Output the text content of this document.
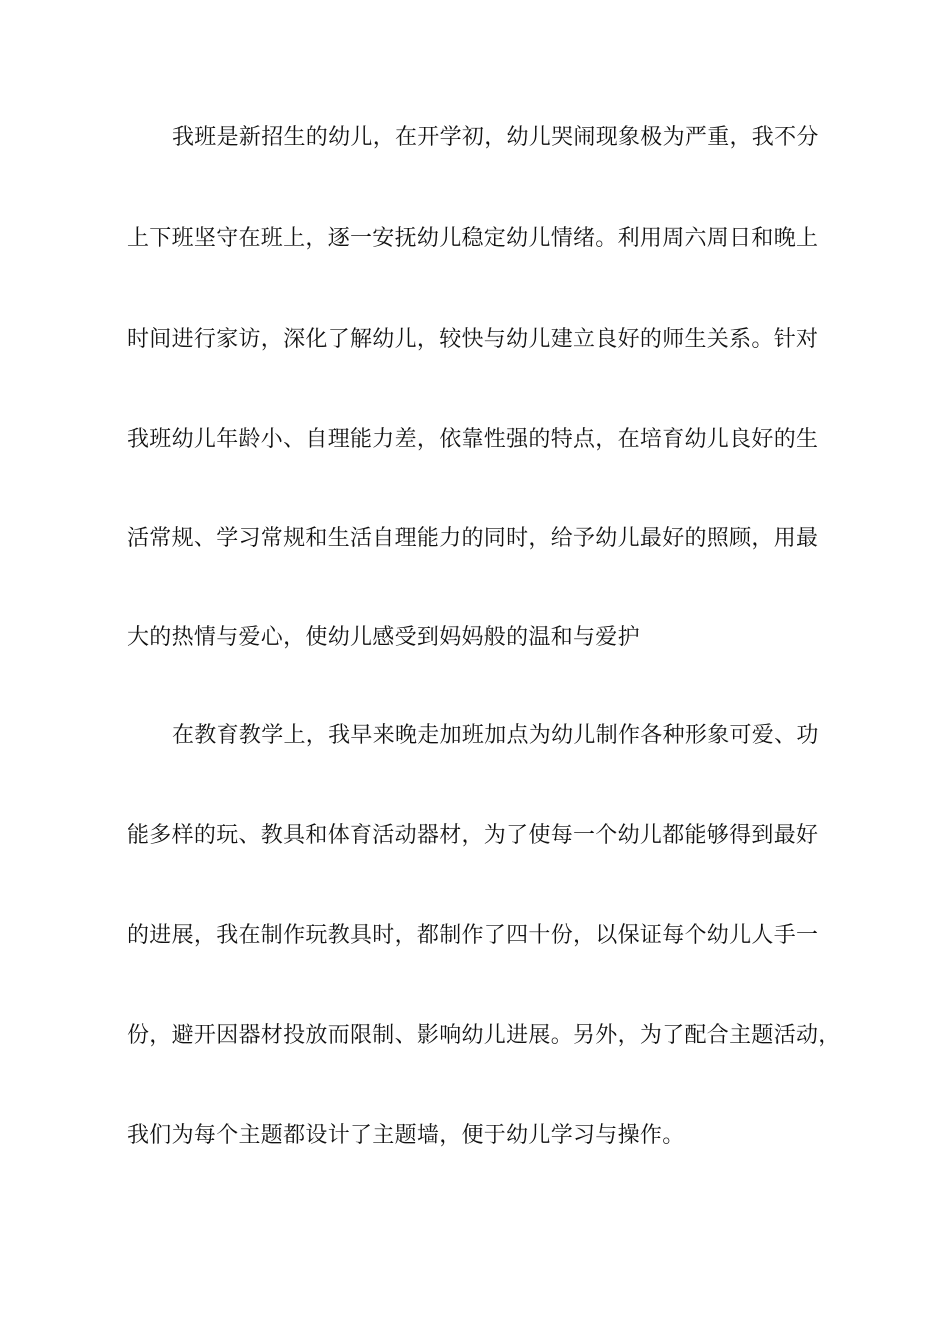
我班是新招生的幼儿，在开学初，幼儿哭闹现象极为严重，我不分
上下班坚守在班上，逐一安抚幼儿稳定幼儿情绪。利用周六周日和晚上
时间进行家访，深化了解幼儿，较快与幼儿建立良好的师生关系。针对
我班幼儿年龄小、自理能力差，依靠性强的特点，在培育幼儿良好的生
活常规、学习常规和生活自理能力的同时，给予幼儿最好的照顾，用最
大的热情与爱心，使幼儿感受到妈妈般的温和与爱护
在教育教学上，我早来晚走加班加点为幼儿制作各种形象可爱、功
能多样的玩、教具和体育活动器材，为了使每一个幼儿都能够得到最好
的进展，我在制作玩教具时，都制作了四十份，以保证每个幼儿人手一
份，避开因器材投放而限制、影响幼儿进展。另外，为了配合主题活动，
我们为每个主题都设计了主题墙，便于幼儿学习与操作。
